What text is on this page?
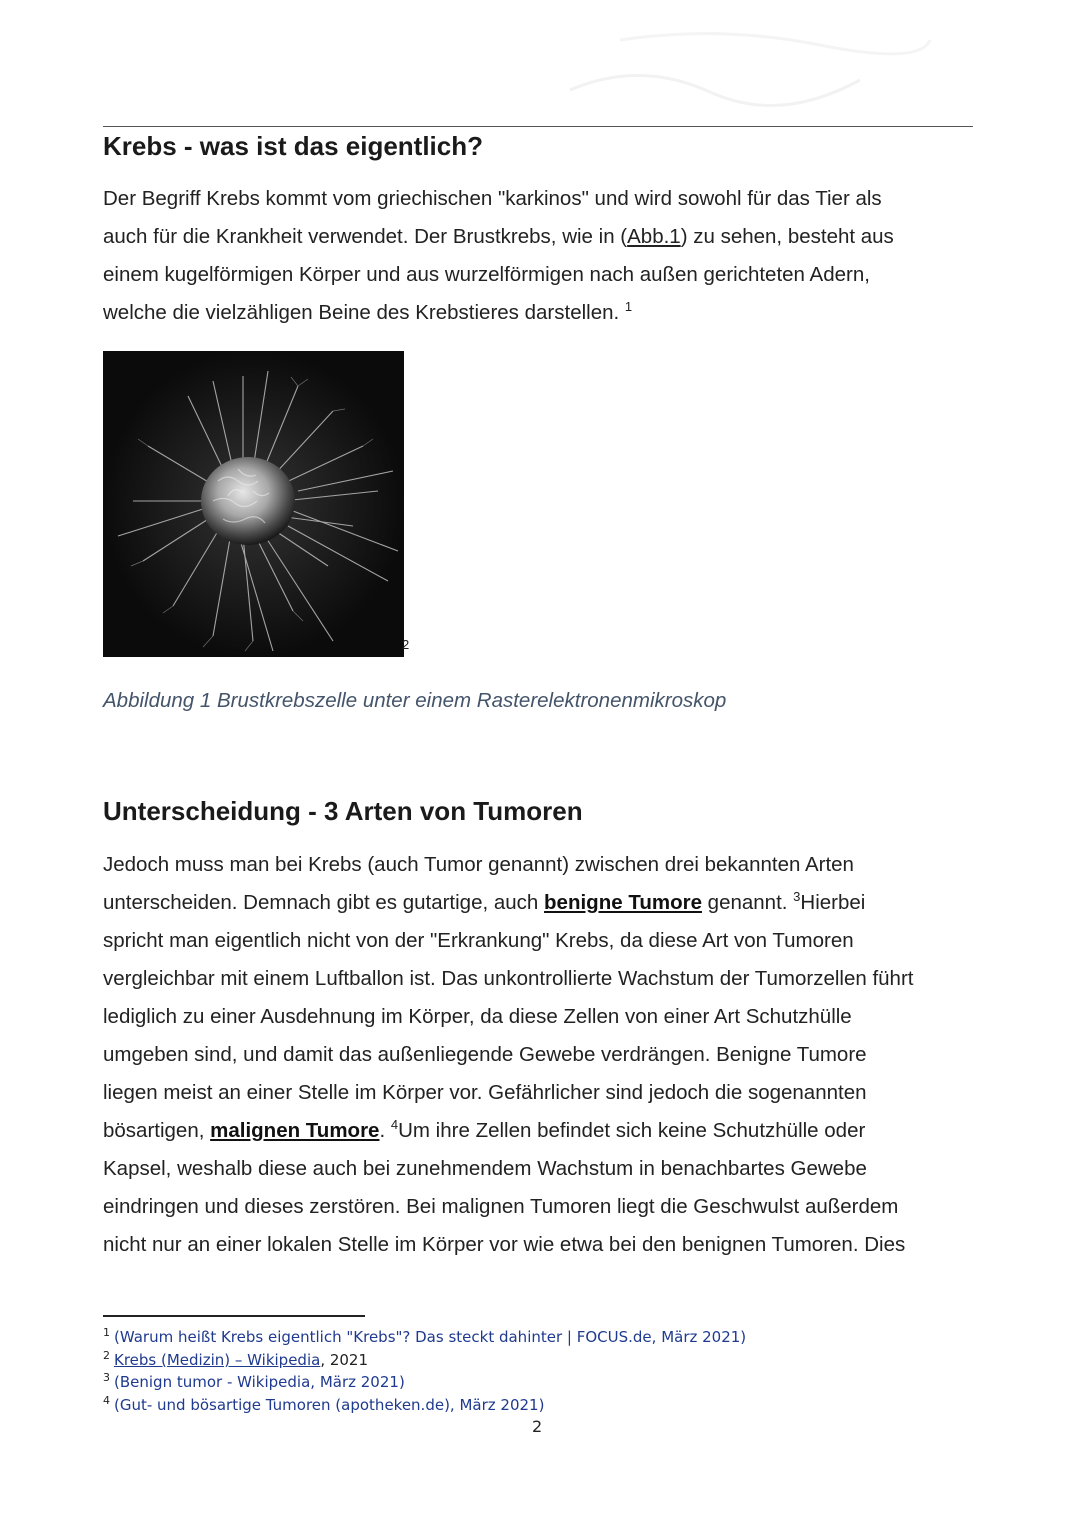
Krebs - was ist das eigentlich?

Der Begriff Krebs kommt vom griechischen "karkinos" und wird sowohl für das Tier als
auch für die Krankheit verwendet. Der Brustkrebs, wie in (Abb.1) zu sehen, besteht aus
einem kugelförmigen Körper und aus wurzelförmigen nach außen gerichteten Adern,
welche die vielzähligen Beine des Krebstieres darstellen. $^1$

2
Abbildung 1 Brustkrebszelle unter einem Rasterelektronenmikroskop
Unterscheidung - 3 Arten von Tumoren

Jedoch muss man bei Krebs (auch Tumor genannt) zwischen drei bekannten Arten
unterscheiden. Demnach gibt es gutartige, auch benigne Tumore genannt. $^3$Hierbei
spricht man eigentlich nicht von der "Erkrankung" Krebs, da diese Art von Tumoren
vergleichbar mit einem Luftballon ist. Das unkontrollierte Wachstum der Tumorzellen führt
lediglich zu einer Ausdehnung im Körper, da diese Zellen von einer Art Schutzhülle
umgeben sind, und damit das außenliegende Gewebe verdrängen. Benigne Tumore
liegen meist an einer Stelle im Körper vor. Gefährlicher sind jedoch die sogenannten
bösartigen, malignen Tumore. $^4$Um ihre Zellen befindet sich keine Schutzhülle oder
Kapsel, weshalb diese auch bei zunehmendem Wachstum in benachbartes Gewebe
eindringen und dieses zerstören. Bei malignen Tumoren liegt die Geschwulst außerdem
nicht nur an einer lokalen Stelle im Körper vor wie etwa bei den benignen Tumoren. Dies

$^1$ (Warum heißt Krebs eigentlich "Krebs"? Das steckt dahinter | FOCUS.de, März 2021)
$^2$ Krebs (Medizin) – Wikipedia, 2021
$^3$ (Benign tumor - Wikipedia, März 2021)
$^4$ (Gut- und bösartige Tumoren (apotheken.de), März 2021)
2
